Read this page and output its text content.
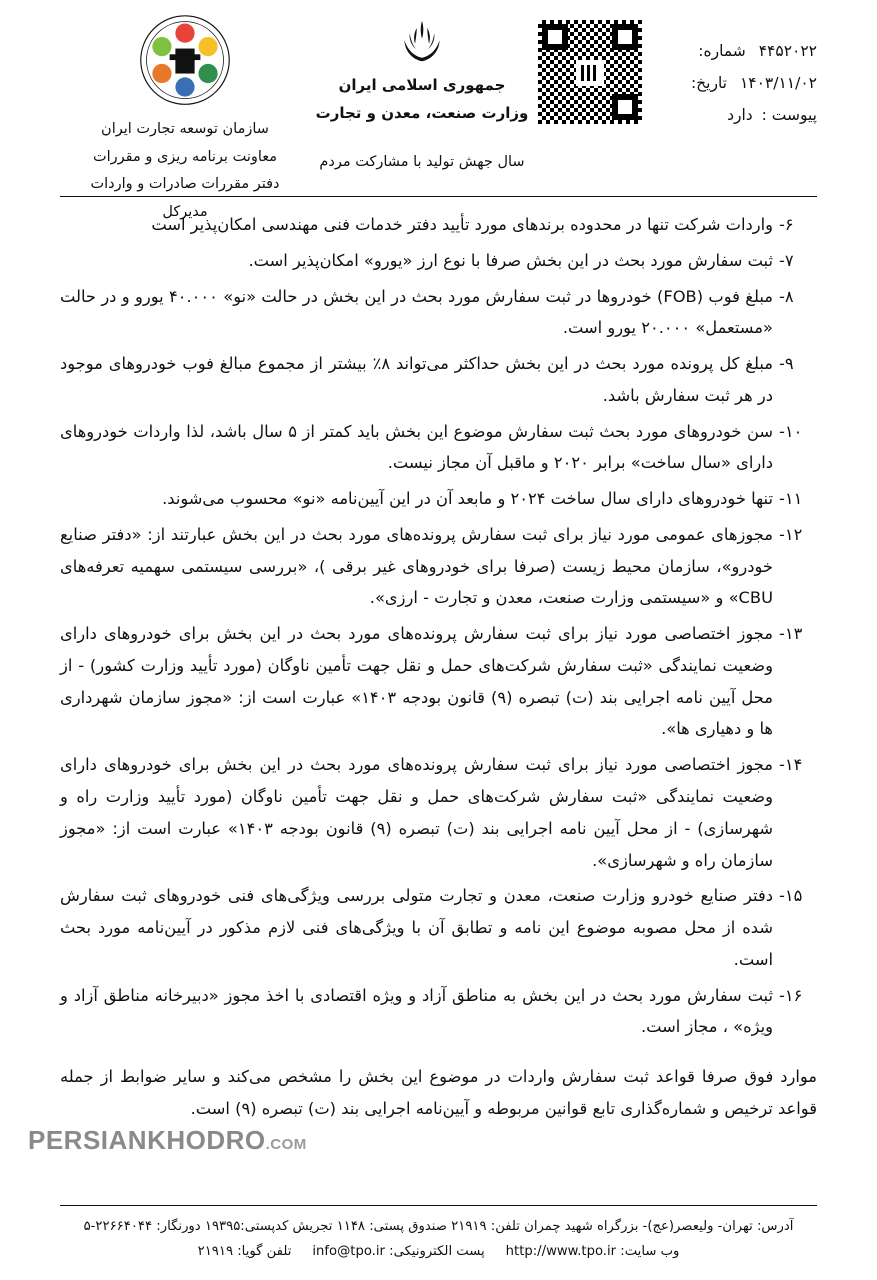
۴۴۵۲۰۲۲ شماره:
۱۴۰۳/۱۱/۰۲ تاریخ:
پیوست : دارد
جمهوری اسلامی ایران
وزارت صنعت، معدن و تجارت
سال جهش تولید با مشارکت مردم
سازمان توسعه تجارت ایران
معاونت برنامه ریزی و مقررات
دفتر مقررات صادرات و واردات
مدیرکل
۶-
واردات شرکت تنها در محدوده برندهای مورد تأیید دفتر خدمات فنی مهندسی امکان‌پذیر است
۷-
ثبت سفارش مورد بحث در این بخش صرفا با نوع ارز «یورو» امکان‌پذیر است.
۸-
مبلغ فوب (FOB) خودروها در ثبت سفارش مورد بحث در این بخش در حالت «نو» ۴۰.۰۰۰ یورو و در حالت «مستعمل» ۲۰.۰۰۰ یورو است.
۹-
مبلغ کل پرونده مورد بحث در این بخش حداکثر می‌تواند ۸٪ بیشتر از مجموع مبالغ فوب خودروهای موجود در هر ثبت سفارش باشد.
۱۰-
سن خودروهای مورد بحث ثبت سفارش موضوع این بخش باید کمتر از ۵ سال باشد، لذا واردات خودروهای دارای «سال ساخت» برابر ۲۰۲۰ و ماقبل آن مجاز نیست.
۱۱-
تنها خودروهای دارای سال ساخت ۲۰۲۴ و مابعد آن در این آیین‌نامه «نو» محسوب می‌شوند.
۱۲-
مجوزهای عمومی مورد نیاز برای ثبت سفارش پرونده‌های مورد بحث در این بخش عبارتند از: «دفتر صنایع خودرو»، سازمان محیط زیست (صرفا برای خودروهای غیر برقی )، «بررسی سیستمی سهمیه تعرفه‌های CBU» و «سیستمی وزارت صنعت، معدن و تجارت - ارزی».
۱۳-
مجوز اختصاصی مورد نیاز برای ثبت سفارش پرونده‌های مورد بحث در این بخش برای خودروهای دارای وضعیت نمایندگی «ثبت سفارش شرکت‌های حمل و نقل جهت تأمین ناوگان (مورد تأیید وزارت کشور) - از محل آیین نامه اجرایی بند (ت) تبصره (۹) قانون بودجه ۱۴۰۳» عبارت است از: «مجوز سازمان شهرداری ها و دهیاری ها».
۱۴-
مجوز اختصاصی مورد نیاز برای ثبت سفارش پرونده‌های مورد بحث در این بخش برای خودروهای دارای وضعیت نمایندگی «ثبت سفارش شرکت‌های حمل و نقل جهت تأمین ناوگان (مورد تأیید وزارت راه و شهرسازی) - از محل آیین نامه اجرایی بند (ت) تبصره (۹) قانون بودجه ۱۴۰۳» عبارت است از: «مجوز سازمان راه و شهرسازی».
۱۵-
دفتر صنایع خودرو وزارت صنعت، معدن و تجارت متولی بررسی ویژگی‌های فنی خودروهای ثبت سفارش شده از محل مصوبه موضوع این نامه و تطابق آن با ویژگی‌های فنی لازم مذکور در آیین‌نامه مورد بحث است.
۱۶-
ثبت سفارش مورد بحث در این بخش به مناطق آزاد و ویژه اقتصادی با اخذ مجوز «دبیرخانه مناطق آزاد و ویژه» ، مجاز است.
موارد فوق صرفا قواعد ثبت سفارش واردات در موضوع این بخش را مشخص می‌کند و سایر ضوابط از جمله قواعد ترخیص و شماره‌گذاری تابع قوانین مربوطه و آیین‌نامه اجرایی بند (ت) تبصره (۹) است.
PERSIANKHODRO.COM
آدرس: تهران- ولیعصر(عج)- بزرگراه شهید چمران تلفن: ۲۱۹۱۹ صندوق پستی: ۱۱۴۸ تجریش کدپستی:۱۹۳۹۵ دورنگار: ۲۲۶۶۴۰۴۴-۵
وب سایت: http://www.tpo.ir     پست الکترونیکی: info@tpo.ir     تلفن گویا: ۲۱۹۱۹
